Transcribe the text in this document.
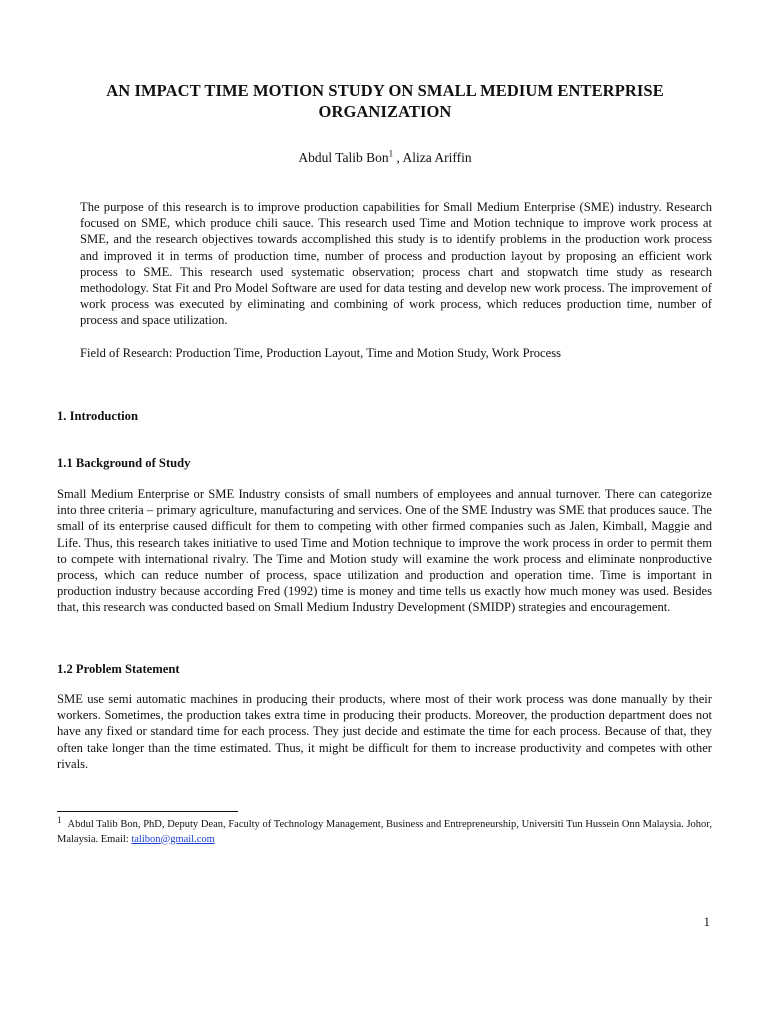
AN IMPACT TIME MOTION STUDY ON SMALL MEDIUM ENTERPRISE ORGANIZATION
Abdul Talib Bon$^1$ , Aliza Ariffin

The purpose of this research is to improve production capabilities for Small Medium Enterprise (SME) industry. Research focused on SME, which produce chili sauce. This research used Time and Motion technique to improve work process at SME, and the research objectives towards accomplished this study is to identify problems in the production work process and improved it in terms of production time, number of process and production layout by proposing an efficient work process to SME. This research used systematic observation; process chart and stopwatch time study as research methodology. Stat Fit and Pro Model Software are used for data testing and develop new work process. The improvement of work process was executed by eliminating and combining of work process, which reduces production time, number of process and space utilization.

Field of Research: Production Time, Production Layout, Time and Motion Study, Work Process

1. Introduction

1.1 Background of Study

Small Medium Enterprise or SME Industry consists of small numbers of employees and annual turnover. There can categorize into three criteria – primary agriculture, manufacturing and services. One of the SME Industry was SME that produces sauce. The small of its enterprise caused difficult for them to competing with other firmed companies such as Jalen, Kimball, Maggie and Life. Thus, this research takes initiative to used Time and Motion technique to improve the work process in order to permit them to compete with international rivalry. The Time and Motion study will examine the work process and eliminate nonproductive process, which can reduce number of process, space utilization and production and operation time. Time is important in production industry because according Fred (1992) time is money and time tells us exactly how much money was used. Besides that, this research was conducted based on Small Medium Industry Development (SMIDP) strategies and encouragement.

1.2 Problem Statement

SME use semi automatic machines in producing their products, where most of their work process was done manually by their workers. Sometimes, the production takes extra time in producing their products. Moreover, the production department does not have any fixed or standard time for each process. They just decide and estimate the time for each process. Because of that, they often take longer than the time estimated. Thus, it might be difficult for them to increase productivity and competes with other rivals.

1 Abdul Talib Bon, PhD, Deputy Dean, Faculty of Technology Management, Business and Entrepreneurship, Universiti Tun Hussein Onn Malaysia. Johor, Malaysia. Email: talibon@gmail.com

1
